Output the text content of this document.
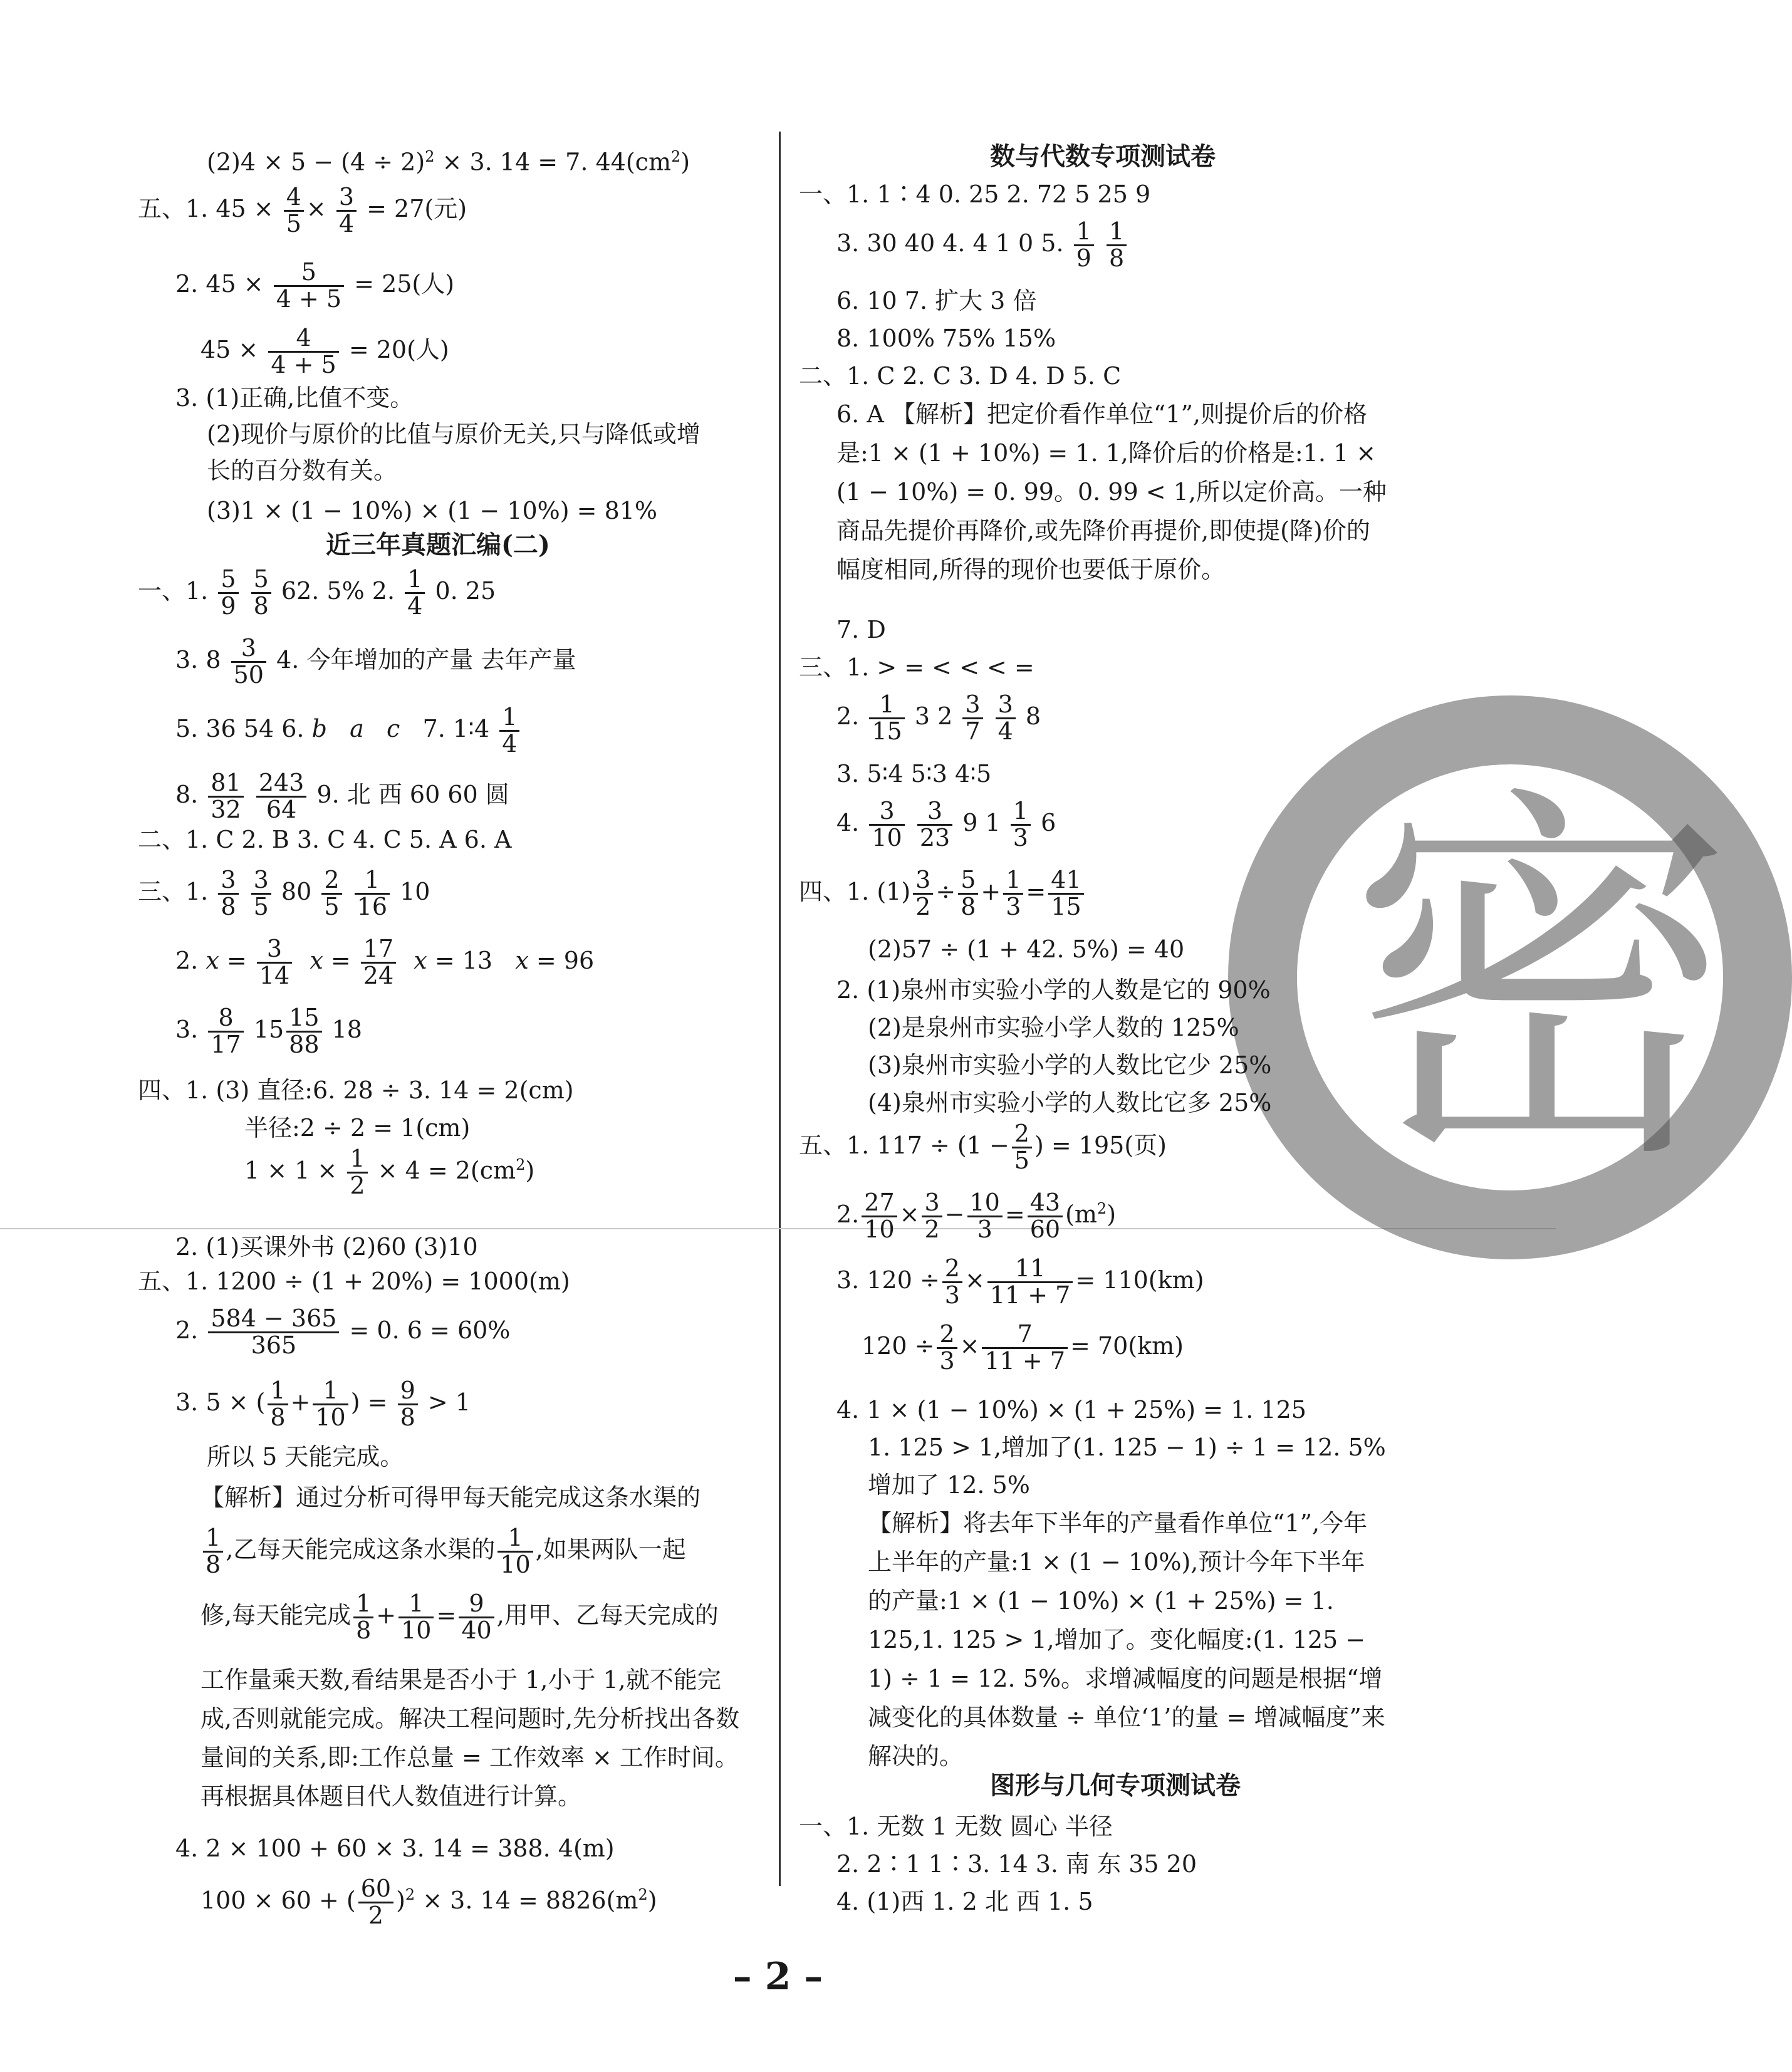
密
$(2)4 \times 5 - (4 \div 2)^2 \times 3$. 14 = 7. $44(cm^2)$
五、1. $45 \times \frac{4}{5} \times \frac{3}{4} = 27$(元)
2. $45 \times \frac{5}{4 + 5} = 25$(人)
$45 \times \frac{4}{4 + 5} = 20$(人)
3. (1)正确,比值不变。
(2)现价与原价的比值与原价无关,只与降低或增
长的百分数有关。
(3)1 × (1 − 10%) × (1 − 10%) = 81%
近三年真题汇编(二)
一、1. $\frac{5}{9}$
$\frac{5}{8} 62$. 5% 2. $\frac{1}{4} 0$. 25
3. $8 \frac{3}{50} 4$. 今年增加的产量 去年产量
5. 36 54 6. b a c 7. 1∶4 $\frac{1}{4}$
8. $\frac{81}{32}$
$\frac{243}{64} 9$. 北 西 60 60 圆
二、1. C 2. B 3. C 4. C 5. A 6. A
三、1. $\frac{3}{8}$
$\frac{3}{5} 80 \frac{2}{5}$
$\frac{1}{16} 10$
2. $x = \frac{3}{14}$ $x = \frac{17}{24}$ x = 13 x = 96
3. $\frac{8}{17} 15 \frac{15}{88} 18$
四、1. (3) 直径:6. 28 ÷ 3. 14 = 2(cm)
半径:2 ÷ 2 = 1(cm)
$1 \times 1 \times \frac{1}{2} \times 4 = 2(cm^2)$
2. (1)买课外书 (2)60 (3)10
五、1. 1200 ÷ (1 + 20%) = 1000(m)
2. $\frac{584 - 365}{365} = 0$. 6 = 60%
3. 5 × ( $\frac{1}{8} + \frac{1}{10}$ ) = $\frac{9}{8} > 1$
所以 5 天能完成。
【解析】通过分析可得甲每天能完成这条水渠的
$\frac{1}{8}$ ,乙每天能完成这条水渠的 $\frac{1}{10}$ ,如果两队一起
修,每天能完成 $\frac{1}{8} + \frac{1}{10} = \frac{9}{40}$ ,用甲、乙每天完成的
工作量乘天数,看结果是否小于 1,小于 1,就不能完成,否则就能完成。解决工程问题时,先分析找出各数量间的关系,即:工作总量 = 工作效率 × 工作时间。再根据具体题目代人数值进行计算。
4. 2 × 100 + 60 × 3. 14 = 388. 4(m)
100 × 60 + ( $\frac{60}{2} )^2 \times 3$. $14 = 8826(m^2)$
数与代数专项测试卷
一、1. 1∶4 0. 25 2. 72 5 25 9
3. 30 40 4. 4 1 0 5. $\frac{1}{9}$
$\frac{1}{8}$
6. 10 7. 扩大 3 倍
8. 100% 75% 15%
二、1. C 2. C 3. D 4. D 5. C
6. A 【解析】把定价看作单位“1”,则提价后的价格是:1 × (1 + 10%) = 1. 1,降价后的价格是:1. 1 × (1 − 10%) = 0. 99。0. 99 < 1,所以定价高。一种商品先提价再降价,或先降价再提价,即使提(降)价的幅度相同,所得的现价也要低于原价。
7. D
三、1. > = < < < =
2. $\frac{1}{15} 3$ $2 \frac{3}{7}$
$\frac{3}{4} 8$
3. 5∶4 5∶3 4∶5
4. $\frac{3}{10}$
$\frac{3}{23} 9$ $1 \frac{1}{3} 6$
四、1. $(1) \frac{3}{2} \div \frac{5}{8} + \frac{1}{3} = \frac{41}{15}$
(2)57 ÷ (1 + 42. 5%) = 40
2. (1)泉州市实验小学的人数是它的 90%
(2)是泉州市实验小学人数的 125%
(3)泉州市实验小学的人数比它少 25%
(4)泉州市实验小学的人数比它多 25%
五、1. $117 \div (1 - \frac{2}{5}$ ) = 195(页)
2. $\frac{27}{10} \times \frac{3}{2} - \frac{10}{3} = \frac{43}{60} (m^2)$
3. $120 \div \frac{2}{3} \times \frac{11}{11 + 7} = 110(km)$
$120 \div \frac{2}{3} \times \frac{7}{11 + 7} = 70(km)$
4. 1 × (1 − 10%) × (1 + 25%) = 1. 125
1. 125 > 1,增加了(1. 125 − 1) ÷ 1 = 12. 5%
增加了 12. 5%
【解析】将去年下半年的产量看作单位“1”,今年上半年的产量:1 × (1 − 10%),预计今年下半年的产量:1 × (1 − 10%) × (1 + 25%) = 1. 125,1. 125 > 1,增加了。变化幅度:(1. 125 − 1) ÷ 1 = 12. 5%。求增减幅度的问题是根据“增减变化的具体数量 ÷ 单位‘1’的量 = 增减幅度”来解决的。
图形与几何专项测试卷
一、1. 无数 1 无数 圆心 半径
2. 2∶1 1∶3. 14 3. 南 东 35 20
4. (1)西 1. 2 北 西 1. 5
– 2 –
